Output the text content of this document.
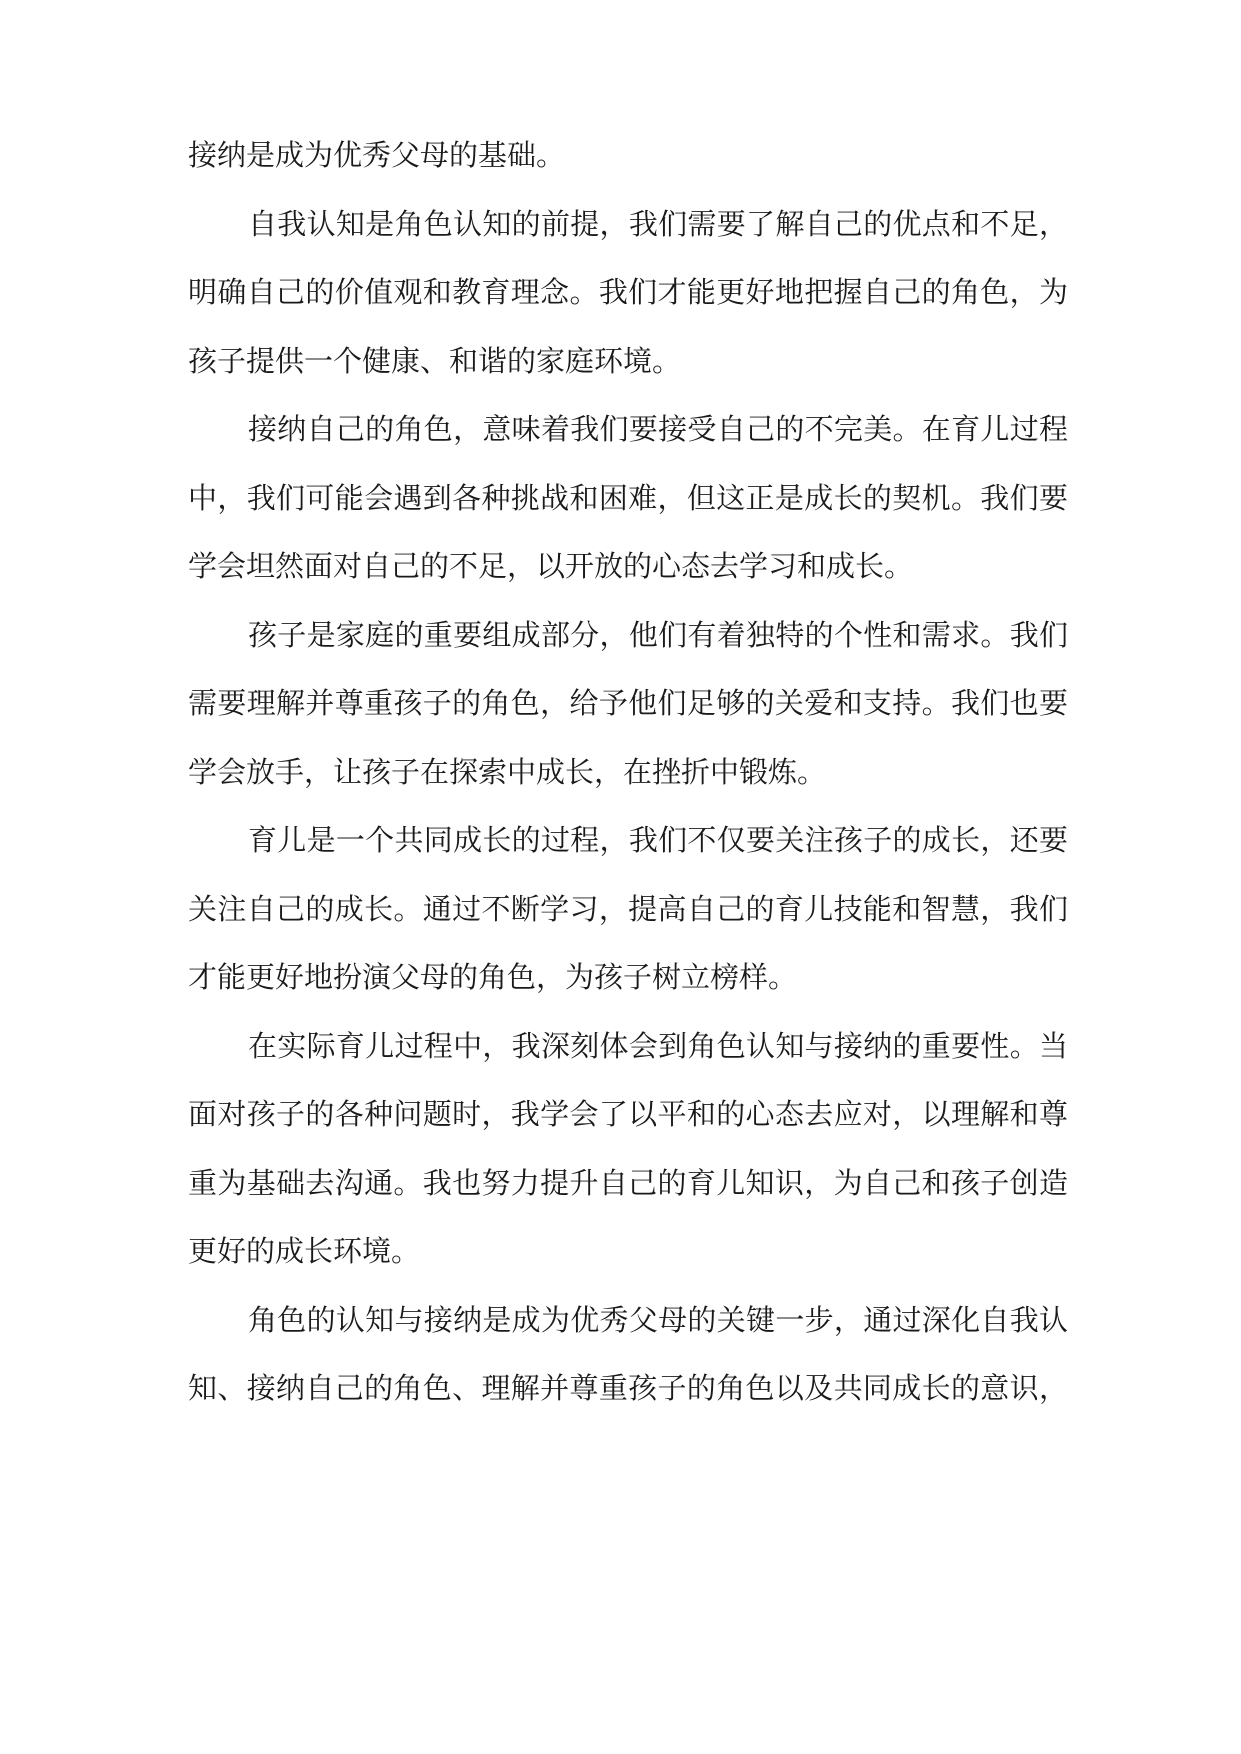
接纳是成为优秀父母的基础。
自我认知是角色认知的前提，我们需要了解自己的优点和不足，
明确自己的价值观和教育理念。我们才能更好地把握自己的角色，为
孩子提供一个健康、和谐的家庭环境。
接纳自己的角色，意味着我们要接受自己的不完美。在育儿过程
中，我们可能会遇到各种挑战和困难，但这正是成长的契机。我们要
学会坦然面对自己的不足，以开放的心态去学习和成长。
孩子是家庭的重要组成部分，他们有着独特的个性和需求。我们
需要理解并尊重孩子的角色，给予他们足够的关爱和支持。我们也要
学会放手，让孩子在探索中成长，在挫折中锻炼。
育儿是一个共同成长的过程，我们不仅要关注孩子的成长，还要
关注自己的成长。通过不断学习，提高自己的育儿技能和智慧，我们
才能更好地扮演父母的角色，为孩子树立榜样。
在实际育儿过程中，我深刻体会到角色认知与接纳的重要性。当
面对孩子的各种问题时，我学会了以平和的心态去应对，以理解和尊
重为基础去沟通。我也努力提升自己的育儿知识，为自己和孩子创造
更好的成长环境。
角色的认知与接纳是成为优秀父母的关键一步，通过深化自我认
知、接纳自己的角色、理解并尊重孩子的角色以及共同成长的意识，
